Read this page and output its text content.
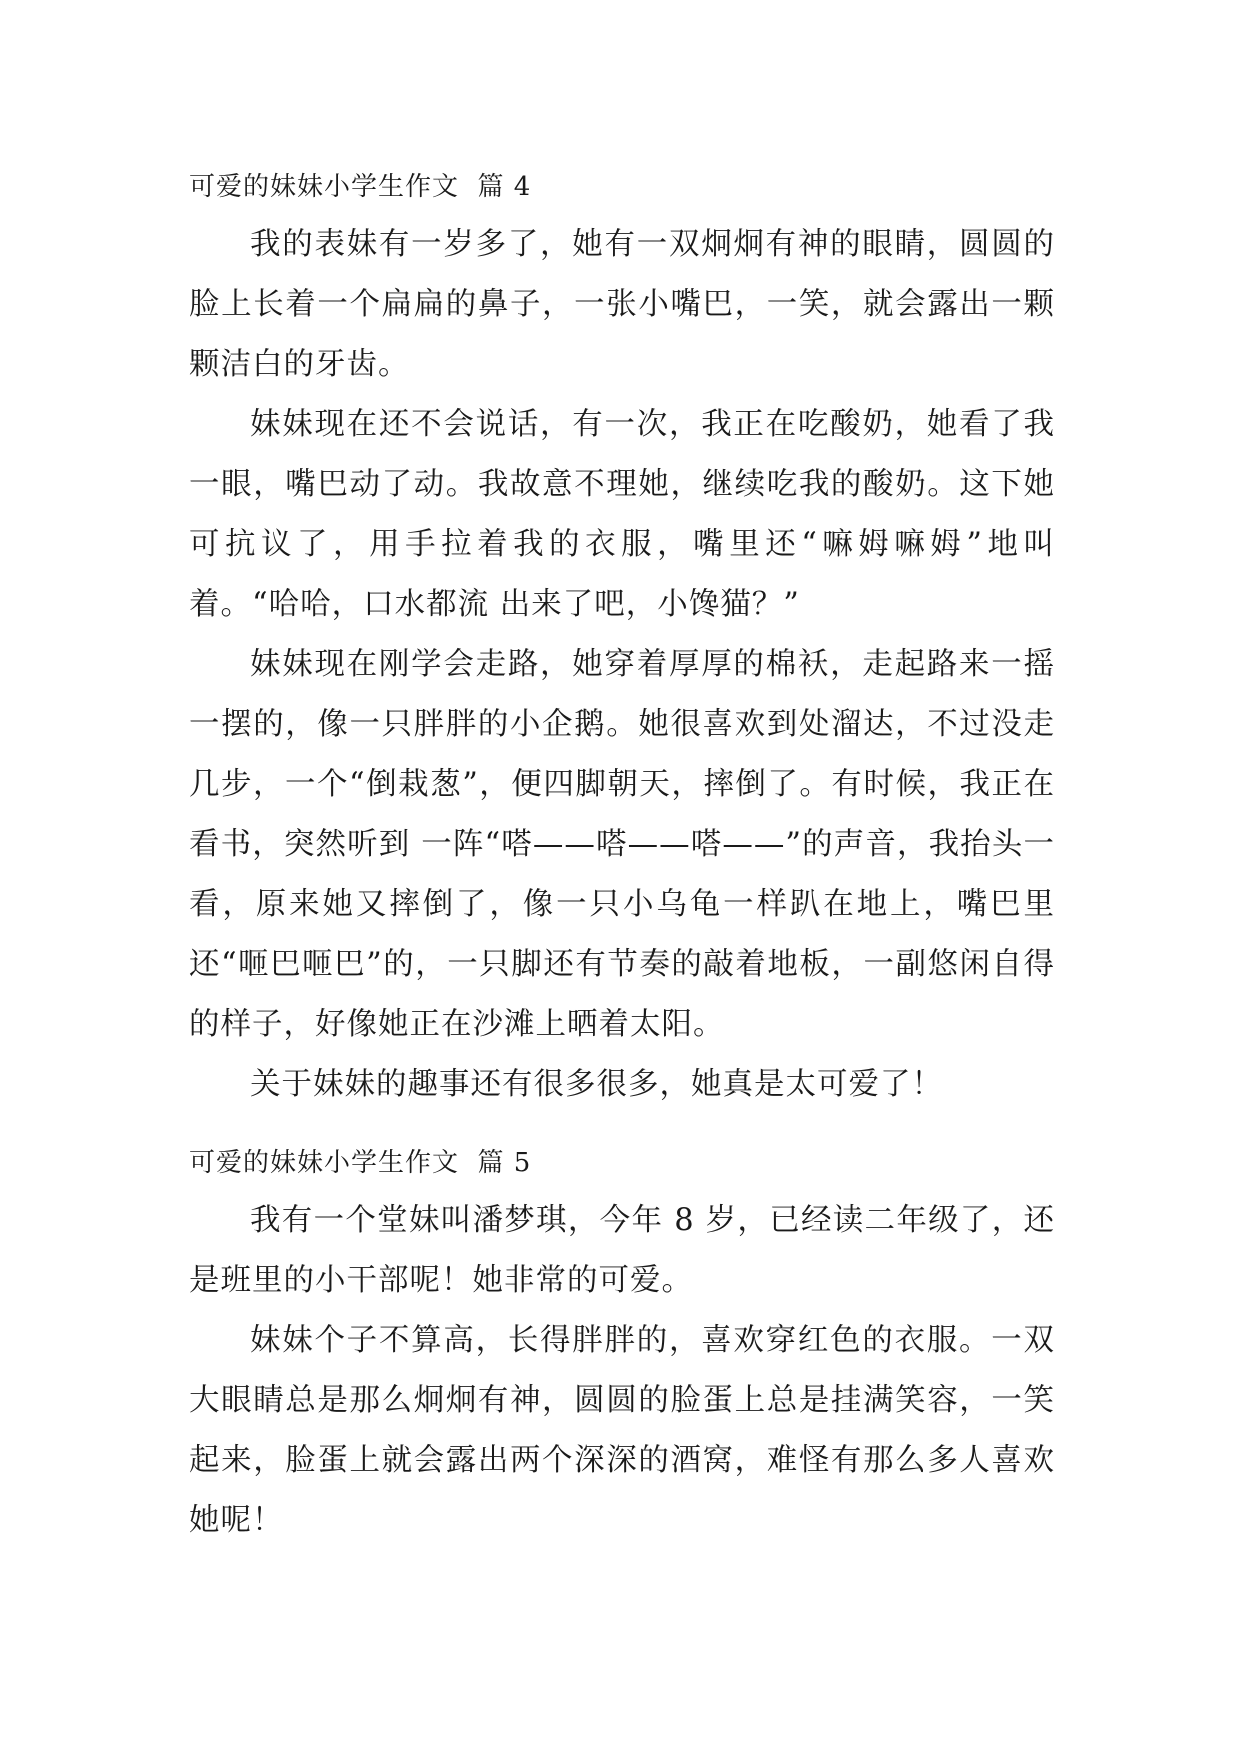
可爱的妹妹小学生作文  篇 4

我的表妹有一岁多了，她有一双炯炯有神的眼睛，圆圆的脸上长着一个扁扁的鼻子，一张小嘴巴，一笑，就会露出一颗颗洁白的牙齿。

妹妹现在还不会说话，有一次，我正在吃酸奶，她看了我一眼，嘴巴动了动。我故意不理她，继续吃我的酸奶。这下她可抗议了，用手拉着我的衣服，嘴里还“嘛姆嘛姆”地叫着。“哈哈，口水都流 出来了吧，小馋猫？”

妹妹现在刚学会走路，她穿着厚厚的棉袄，走起路来一摇一摆的，像一只胖胖的小企鹅。她很喜欢到处溜达，不过没走几步，一个“倒栽葱”，便四脚朝天，摔倒了。有时候，我正在看书，突然听到 一阵“嗒——嗒——嗒——”的声音，我抬头一看，原来她又摔倒了，像一只小乌龟一样趴在地上，嘴巴里还“咂巴咂巴”的，一只脚还有节奏的敲着地板，一副悠闲自得的样子，好像她正在沙滩上晒着太阳。

关于妹妹的趣事还有很多很多，她真是太可爱了！

可爱的妹妹小学生作文  篇 5

我有一个堂妹叫潘梦琪，今年 8 岁，已经读二年级了，还是班里的小干部呢！她非常的可爱。

妹妹个子不算高，长得胖胖的，喜欢穿红色的衣服。一双大眼睛总是那么炯炯有神，圆圆的脸蛋上总是挂满笑容，一笑起来，脸蛋上就会露出两个深深的酒窝，难怪有那么多人喜欢她呢！
